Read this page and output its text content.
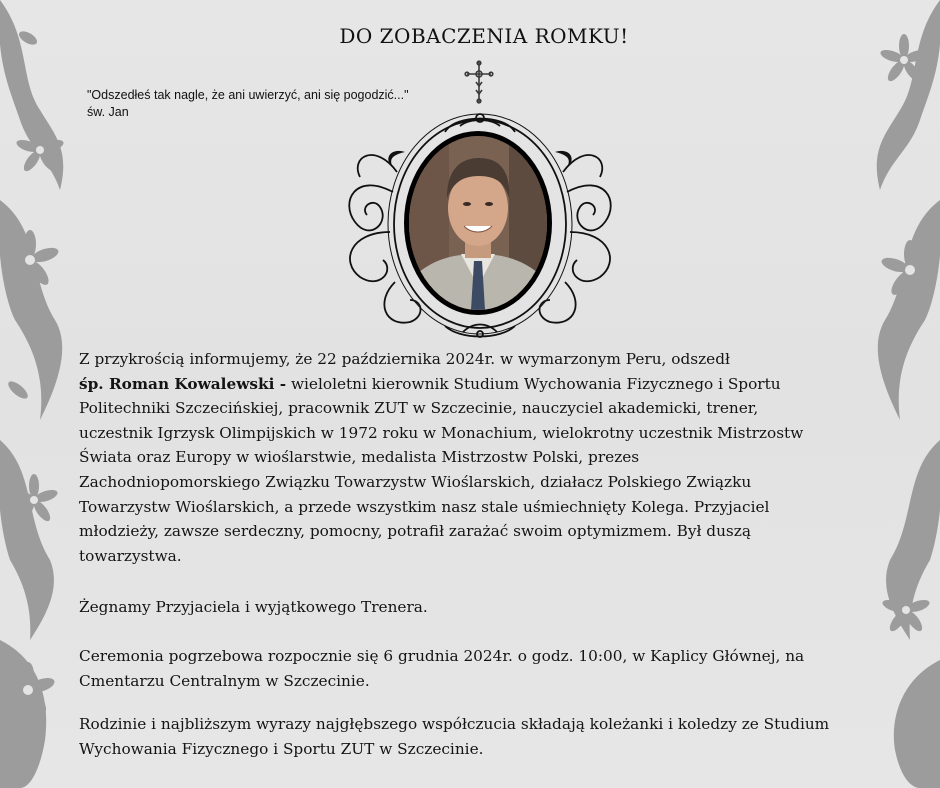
DO ZOBACZENIA ROMKU!
"Odszedłeś tak nagle, że ani uwierzyć, ani się pogodzić..."
św. Jan
Z przykrością informujemy, że 22 października 2024r. w wymarzonym Peru, odszedł
śp. Roman Kowalewski - wieloletni kierownik Studium Wychowania Fizycznego i Sportu
Politechniki Szczecińskiej, pracownik ZUT w Szczecinie, nauczyciel akademicki, trener,
uczestnik Igrzysk Olimpijskich w 1972 roku w Monachium, wielokrotny uczestnik Mistrzostw
Świata oraz Europy w wioślarstwie, medalista Mistrzostw Polski, prezes
Zachodniopomorskiego Związku Towarzystw Wioślarskich, działacz Polskiego Związku
Towarzystw Wioślarskich, a przede wszystkim nasz stale uśmiechnięty Kolega. Przyjaciel
młodzieży, zawsze serdeczny, pomocny, potrafił zarażać swoim optymizmem. Był duszą
towarzystwa.
Żegnamy Przyjaciela i wyjątkowego Trenera.
Ceremonia pogrzebowa rozpocznie się 6 grudnia 2024r. o godz. 10:00, w Kaplicy Głównej, na
Cmentarzu Centralnym w Szczecinie.
Rodzinie i najbliższym wyrazy najgłębszego współczucia składają koleżanki i koledzy ze Studium
Wychowania Fizycznego i Sportu ZUT w Szczecinie.
